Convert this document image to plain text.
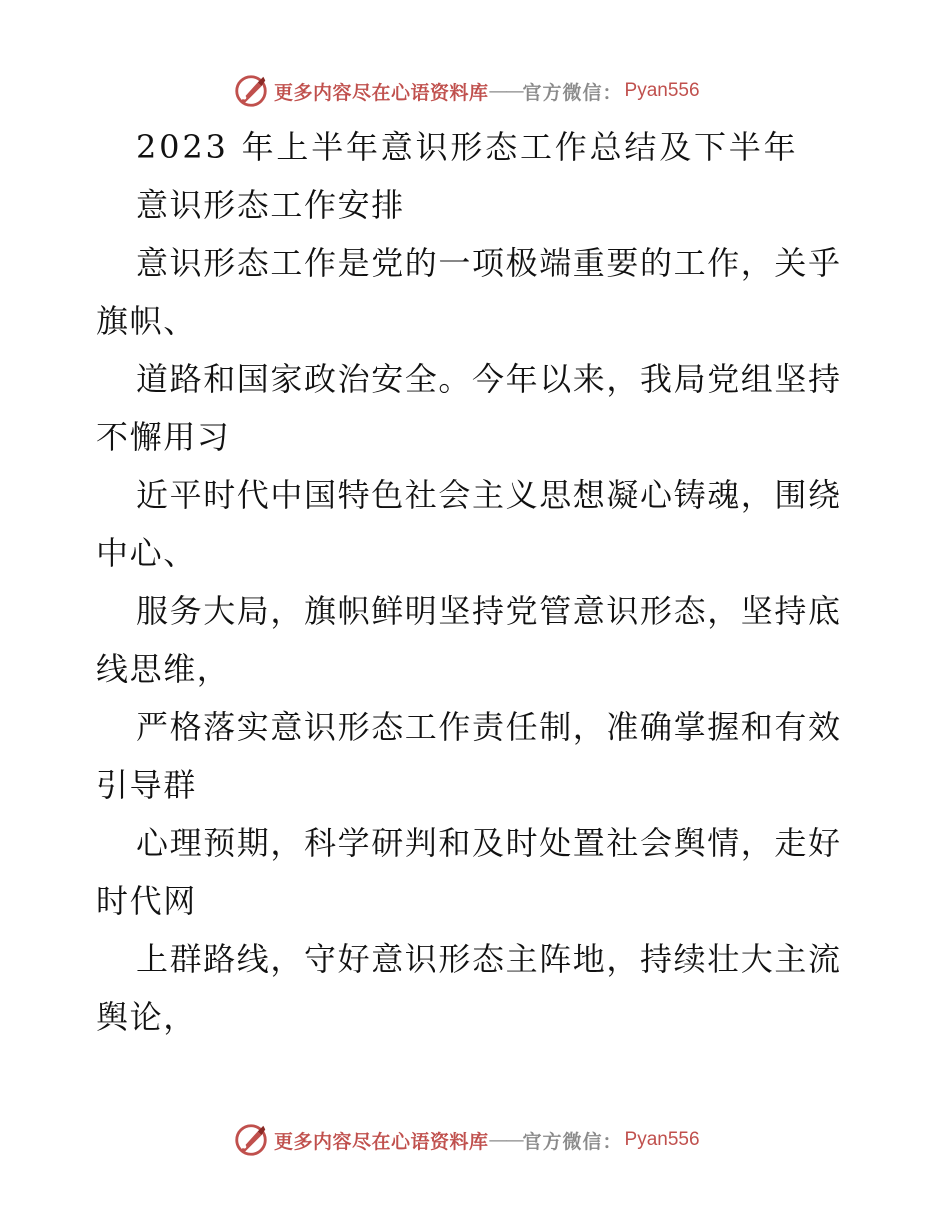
更多内容尽在心语资料库 —— 官方微信： Pyan556
2023 年上半年意识形态工作总结及下半年
意识形态工作安排
意识形态工作是党的一项极端重要的工作，关乎
旗帜、
道路和国家政治安全。今年以来，我局党组坚持
不懈用习
近平时代中国特色社会主义思想凝心铸魂，围绕
中心、
服务大局，旗帜鲜明坚持党管意识形态，坚持底
线思维，
严格落实意识形态工作责任制，准确掌握和有效
引导群
心理预期，科学研判和及时处置社会舆情，走好
时代网
上群路线，守好意识形态主阵地，持续壮大主流
舆论，
更多内容尽在心语资料库 —— 官方微信： Pyan556
